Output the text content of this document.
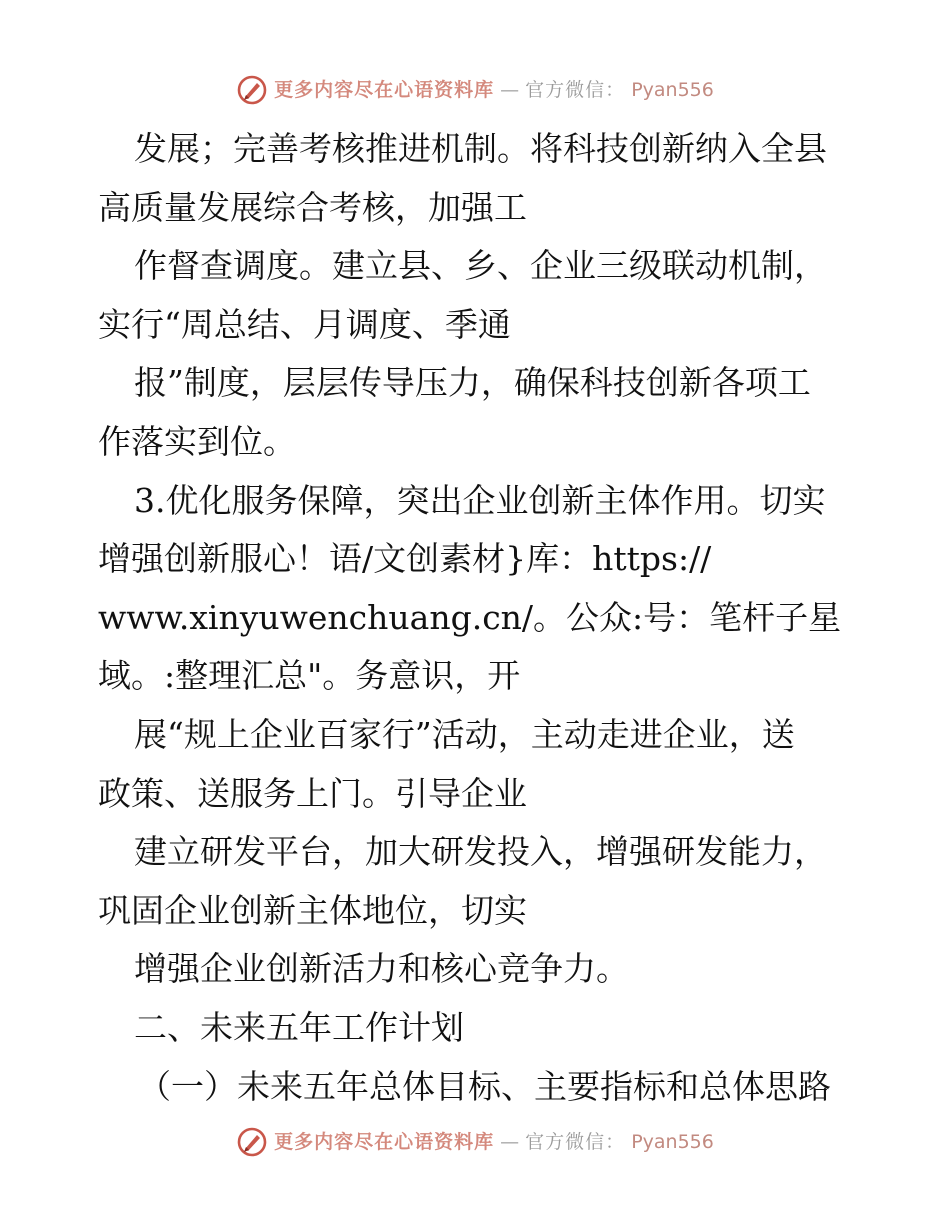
更多内容尽在心语资料库 — 官方微信： Pyan556
发展；完善考核推进机制。将科技创新纳入全县
高质量发展综合考核，加强工
作督查调度。建立县、乡、企业三级联动机制，
实行“周总结、月调度、季通
报”制度，层层传导压力，确保科技创新各项工
作落实到位。
3.优化服务保障，突出企业创新主体作用。切实
增强创新服心！语/文创素材}库：https://
www.xinyuwenchuang.cn/。公众:号：笔杆子星
域。:整理汇总"。务意识，开
展“规上企业百家行”活动，主动走进企业，送
政策、送服务上门。引导企业
建立研发平台，加大研发投入，增强研发能力，
巩固企业创新主体地位，切实
增强企业创新活力和核心竞争力。
二、未来五年工作计划
（一）未来五年总体目标、主要指标和总体思路
更多内容尽在心语资料库 — 官方微信： Pyan556
